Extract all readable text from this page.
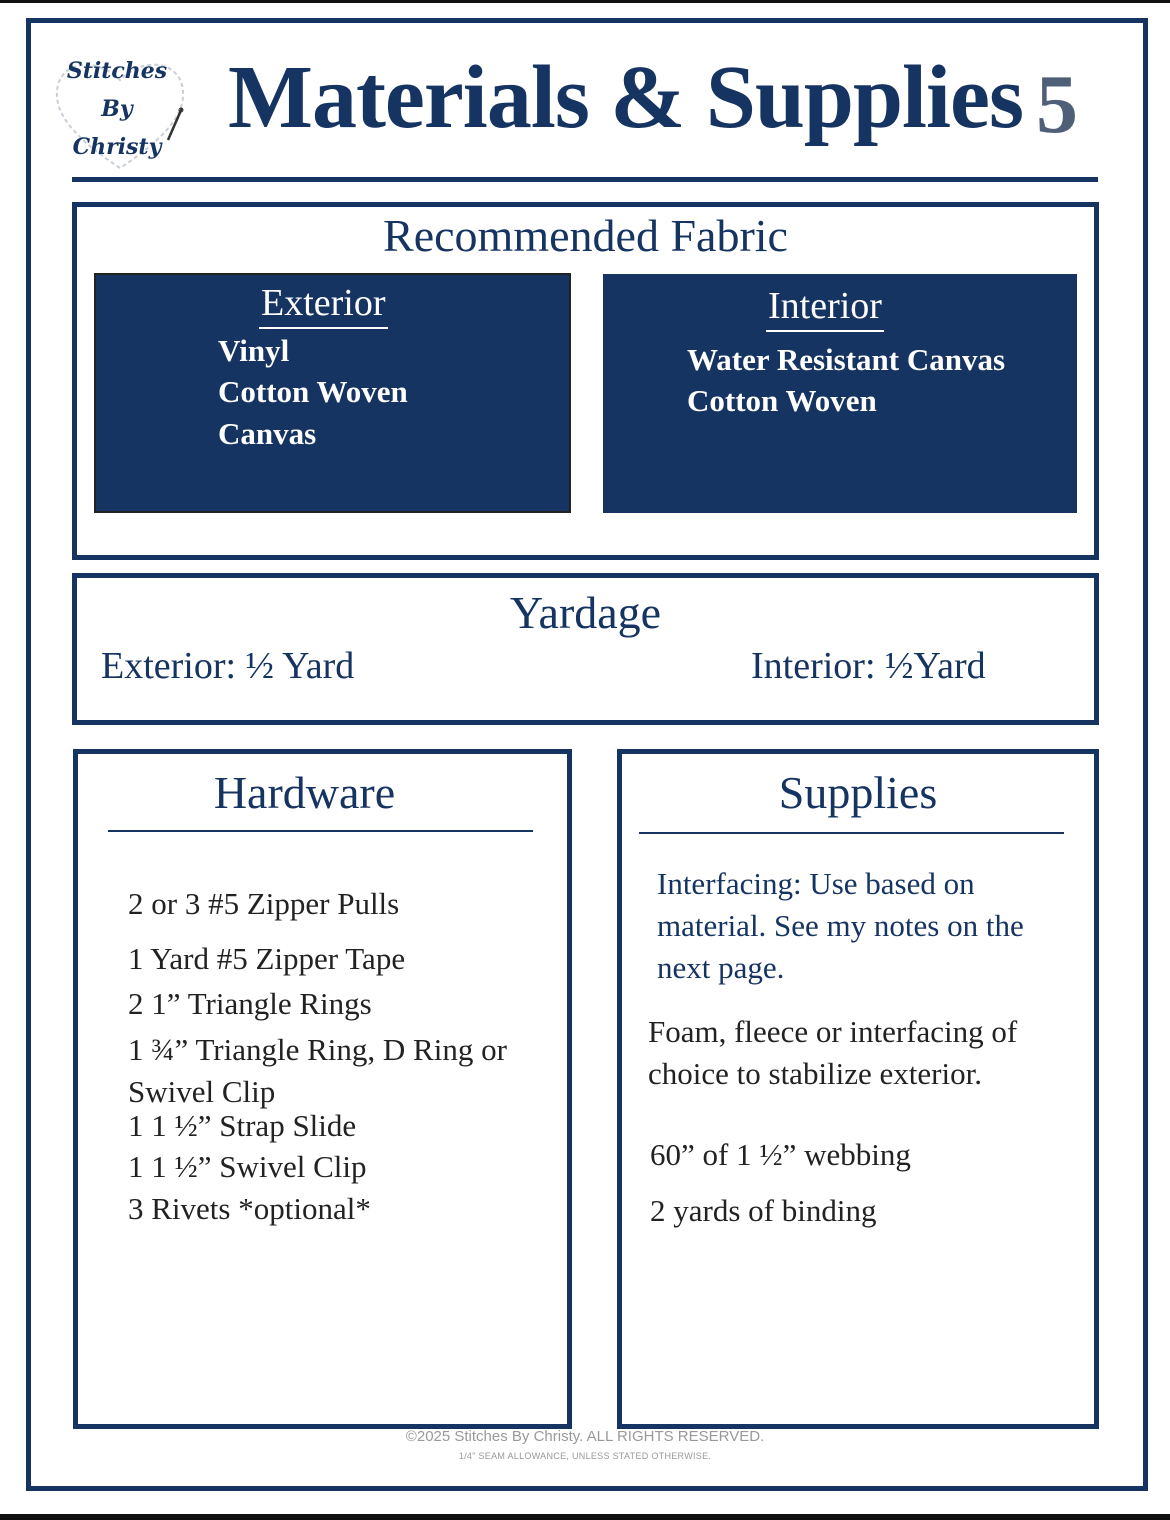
Stitches
By
Christy Materials & Supplies 5
Recommended Fabric
Exterior
Vinyl
Cotton Woven
Canvas
Interior
Water Resistant Canvas
Cotton Woven
Yardage
Exterior: ½ Yard	Interior: ½Yard
Hardware
2 or 3 #5 Zipper Pulls
1 Yard #5 Zipper Tape
2 1” Triangle Rings
1 ¾” Triangle Ring, D Ring or
Swivel Clip
1 1 ½” Strap Slide
1 1 ½” Swivel Clip
3 Rivets *optional*
Supplies
Interfacing: Use based on
material. See my notes on the
next page.
Foam, fleece or interfacing of
choice to stabilize exterior.
60” of 1 ½” webbing
2 yards of binding
©2025 Stitches By Christy. ALL RIGHTS RESERVED.
1/4" SEAM ALLOWANCE, UNLESS STATED OTHERWISE.
